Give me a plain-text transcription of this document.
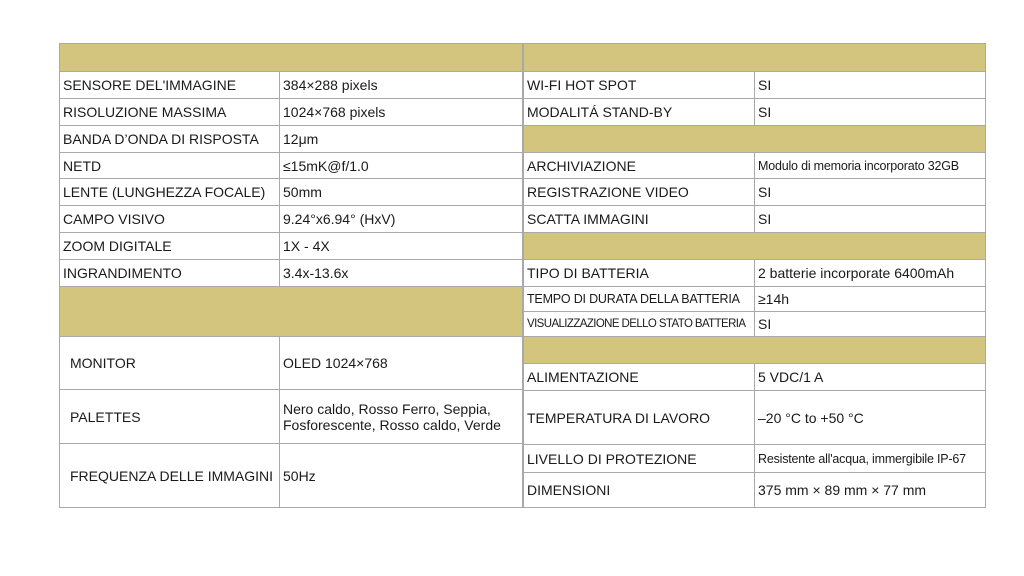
SENSORE DEL'IMMAGINE	384×288 pixels
RISOLUZIONE MASSIMA	1024×768 pixels
BANDA D’ONDA DI RISPOSTA	12μm
NETD	≤15mK@f/1.0
LENTE (LUNGHEZZA FOCALE)	50mm
CAMPO VISIVO	9.24°x6.94° (HxV)
ZOOM DIGITALE	1X - 4X
INGRANDIMENTO	3.4x-13.6x

MONITOR	OLED 1024×768
PALETTES	Nero caldo, Rosso Ferro, Seppia, Fosforescente, Rosso caldo, Verde
FREQUENZA DELLE IMMAGINI	50Hz

WI-FI HOT SPOT	SI
MODALITÁ STAND-BY	SI

ARCHIVIAZIONE	Modulo di memoria incorporato 32GB
REGISTRAZIONE VIDEO	SI
SCATTA IMMAGINI	SI

TIPO DI BATTERIA	2 batterie incorporate 6400mAh
TEMPO DI DURATA DELLA BATTERIA	≥14h
VISUALIZZAZIONE DELLO STATO BATTERIA	SI

ALIMENTAZIONE	5 VDC/1 A
TEMPERATURA DI LAVORO	–20 °C to +50 °C
LIVELLO DI PROTEZIONE	Resistente all'acqua, immergibile IP-67
DIMENSIONI	375 mm × 89 mm × 77 mm
